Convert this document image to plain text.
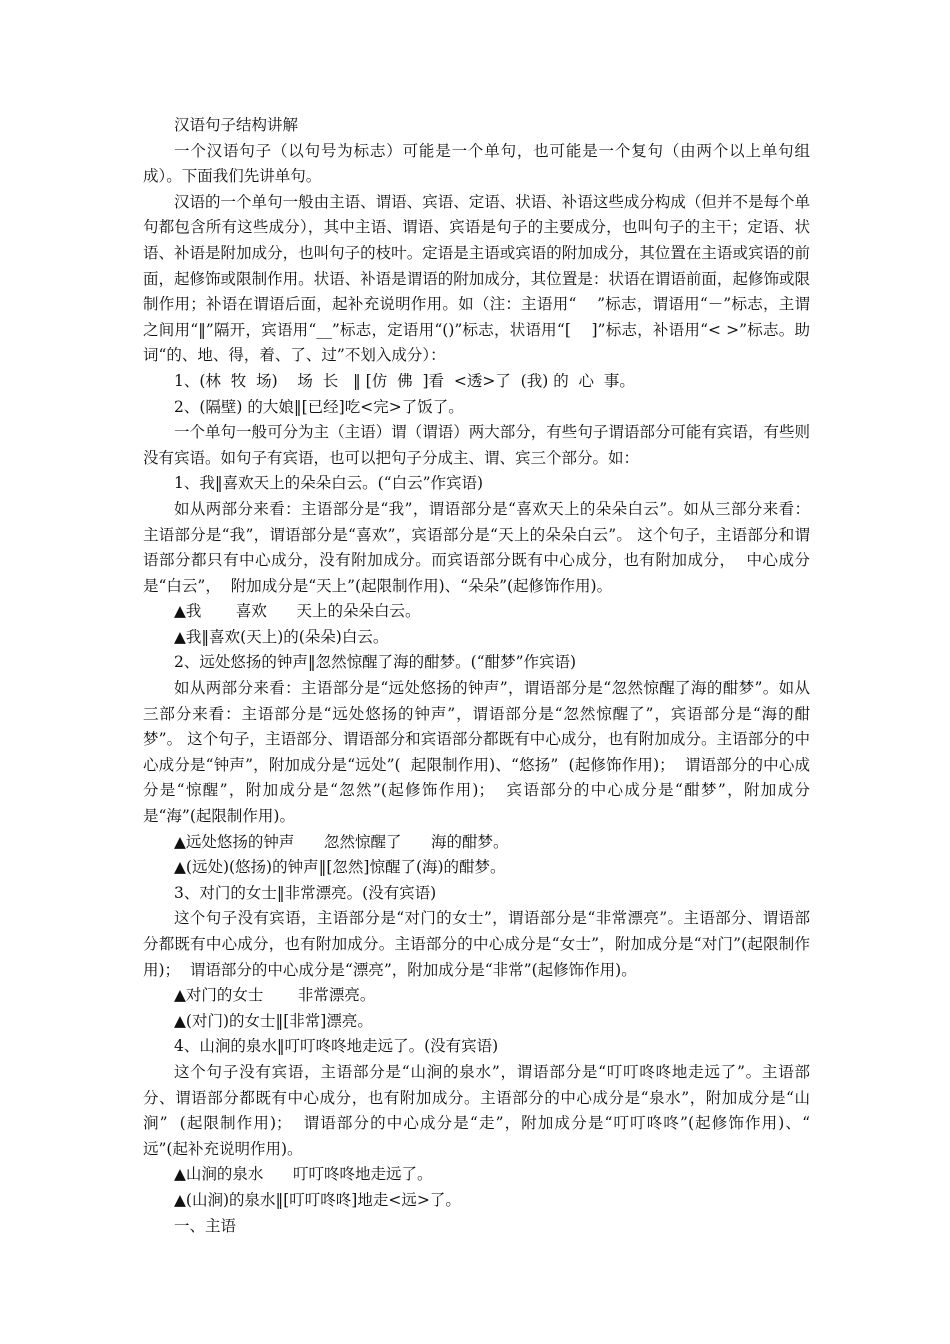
汉语句子结构讲解
一个汉语句子（以句号为标志）可能是一个单句，也可能是一个复句（由两个以上单句组成）。下面我们先讲单句。
汉语的一个单句一般由主语、谓语、宾语、定语、状语、补语这些成分构成（但并不是每个单句都包含所有这些成分），其中主语、谓语、宾语是句子的主要成分，也叫句子的主干；定语、状语、补语是附加成分，也叫句子的枝叶。定语是主语或宾语的附加成分，其位置在主语或宾语的前面，起修饰或限制作用。状语、补语是谓语的附加成分，其位置是：状语在谓语前面，起修饰或限制作用；补语在谓语后面，起补充说明作用。如（注：主语用“    ”标志，谓语用“－”标志，主谓之间用“‖”隔开，宾语用“__”标志，定语用“()”标志，状语用“[    ]”标志，补语用“< >”标志。助词“的、地、得，着、了、过”不划入成分）：
1、(林  牧  场)    场  长   ‖ [仿  佛  ]看  <透>了  (我) 的  心  事。
2、(隔壁) 的大娘‖[已经]吃<完>了饭了。
一个单句一般可分为主（主语）谓（谓语）两大部分，有些句子谓语部分可能有宾语，有些则没有宾语。如句子有宾语，也可以把句子分成主、谓、宾三个部分。如：
1、我‖喜欢天上的朵朵白云。(“白云”作宾语)
如从两部分来看：主语部分是“我”，谓语部分是“喜欢天上的朵朵白云”。如从三部分来看：主语部分是“我”，谓语部分是“喜欢”，宾语部分是“天上的朵朵白云”。 这个句子，主语部分和谓语部分都只有中心成分，没有附加成分。而宾语部分既有中心成分，也有附加成分，  中心成分是“白云”，  附加成分是“天上”(起限制作用)、“朵朵”(起修饰作用)。
▲我       喜欢      天上的朵朵白云。
▲我‖喜欢(天上)的(朵朵)白云。
2、远处悠扬的钟声‖忽然惊醒了海的酣梦。(“酣梦”作宾语)
如从两部分来看：主语部分是“远处悠扬的钟声”，谓语部分是“忽然惊醒了海的酣梦”。如从三部分来看：主语部分是“远处悠扬的钟声”，谓语部分是“忽然惊醒了”，宾语部分是“海的酣梦”。 这个句子，主语部分、谓语部分和宾语部分都既有中心成分，也有附加成分。主语部分的中心成分是“钟声”，附加成分是“远处”(  起限制作用)、“悠扬”  (起修饰作用)；  谓语部分的中心成分是“惊醒”，附加成分是“忽然”(起修饰作用)；  宾语部分的中心成分是“酣梦”，附加成分是“海”(起限制作用)。
▲远处悠扬的钟声      忽然惊醒了      海的酣梦。
▲(远处)(悠扬)的钟声‖[忽然]惊醒了(海)的酣梦。
3、对门的女士‖非常漂亮。(没有宾语)
这个句子没有宾语，主语部分是“对门的女士”，谓语部分是“非常漂亮”。主语部分、谓语部分都既有中心成分，也有附加成分。主语部分的中心成分是“女士”，附加成分是“对门”(起限制作用)；  谓语部分的中心成分是“漂亮”，附加成分是“非常”(起修饰作用)。
▲对门的女士       非常漂亮。
▲(对门)的女士‖[非常]漂亮。
4、山涧的泉水‖叮叮咚咚地走远了。(没有宾语)
这个句子没有宾语，主语部分是“山涧的泉水”，谓语部分是“叮叮咚咚地走远了”。主语部分、谓语部分都既有中心成分，也有附加成分。主语部分的中心成分是“泉水”，附加成分是“山涧”  (起限制作用)；  谓语部分的中心成分是“走”，附加成分是“叮叮咚咚”(起修饰作用)、“  远”(起补充说明作用)。
▲山涧的泉水      叮叮咚咚地走远了。
▲(山涧)的泉水‖[叮叮咚咚]地走<远>了。
一、主语
